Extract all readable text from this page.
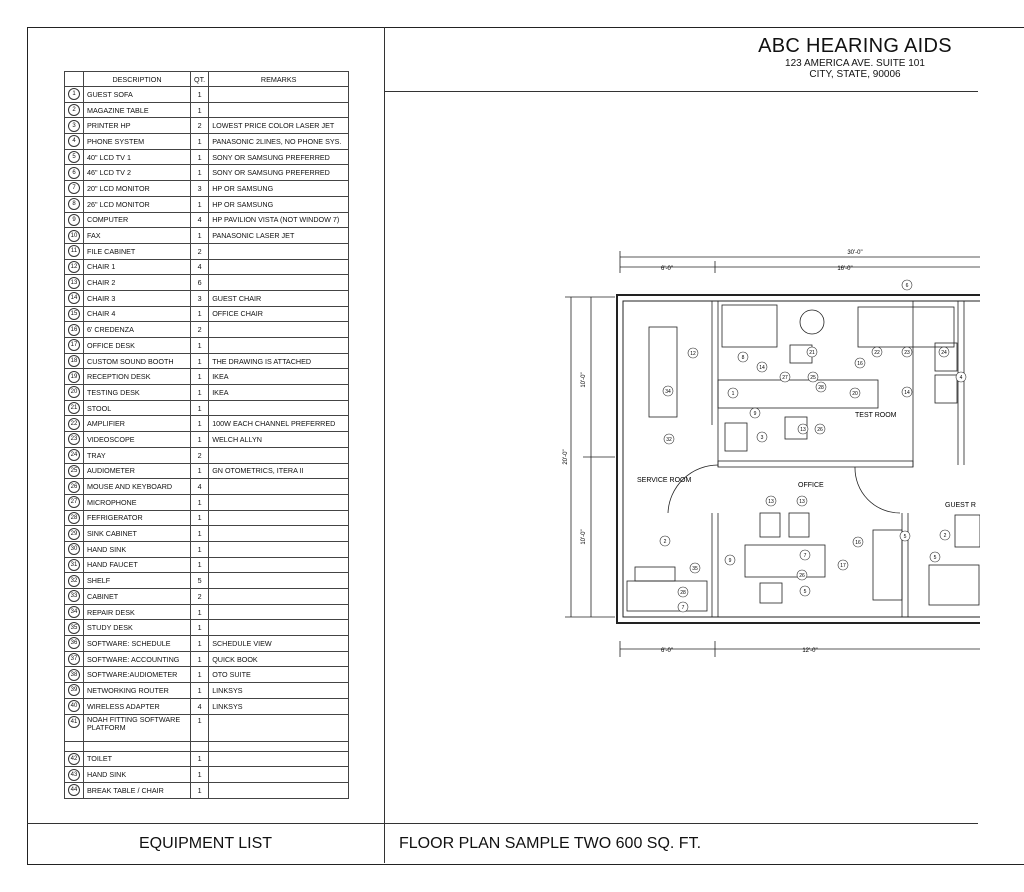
ABC HEARING AIDS
123 AMERICA AVE. SUITE 101
CITY, STATE, 90006
	DESCRIPTION	QT.	REMARKS
1	GUEST SOFA	1	
2	MAGAZINE TABLE	1	
3	PRINTER HP	2	LOWEST PRICE COLOR LASER JET
4	PHONE SYSTEM	1	PANASONIC 2LINES, NO PHONE SYS.
5	40" LCD TV 1	1	SONY OR SAMSUNG PREFERRED
6	46" LCD TV 2	1	SONY OR SAMSUNG PREFERRED
7	20" LCD MONITOR	3	HP OR SAMSUNG
8	26" LCD MONITOR	1	HP OR SAMSUNG
9	COMPUTER	4	HP PAVILION VISTA (NOT WINDOW 7)
10	FAX	1	PANASONIC LASER JET
11	FILE CABINET	2	
12	CHAIR 1	4	
13	CHAIR 2	6	
14	CHAIR 3	3	GUEST CHAIR
15	CHAIR 4	1	OFFICE CHAIR
16	6' CREDENZA	2	
17	OFFICE DESK	1	
18	CUSTOM SOUND BOOTH	1	THE DRAWING IS ATTACHED
19	RECEPTION DESK	1	IKEA
20	TESTING DESK	1	IKEA
21	STOOL	1	
22	AMPLIFIER	1	100W EACH CHANNEL PREFERRED
23	VIDEOSCOPE	1	WELCH ALLYN
24	TRAY	2	
25	AUDIOMETER	1	GN OTOMETRICS, ITERA II
26	MOUSE AND KEYBOARD	4	
27	MICROPHONE	1	
28	FEFRIGERATOR	1	
29	SINK CABINET	1	
30	HAND SINK	1	
31	HAND FAUCET	1	
32	SHELF	5	
33	CABINET	2	
34	REPAIR DESK	1	
35	STUDY DESK	1	
36	SOFTWARE: SCHEDULE	1	SCHEDULE VIEW
37	SOFTWARE: ACCOUNTING	1	QUICK BOOK
38	SOFTWARE:AUDIOMETER	1	OTO SUITE
39	NETWORKING ROUTER	1	LINKSYS
40	WIRELESS ADAPTER	4	LINKSYS
41	NOAH FITTING SOFTWARE PLATFORM	1	

42	TOILET	1	
43	HAND SINK	1	
44	BREAK TABLE / CHAIR	1	
30'-0"
6'-0"	16'-0"
10'-0"
20'-0"
10'-0"
6'-0"	12'-0"
TEST ROOM
SERVICE ROOM
OFFICE
GUEST R
6
12
8
14
21
16
22	23	24
14
4
27
28
25
1	20
34
9
26
13
32	3
2
35
28	5
7
13	13
9
7
26
17
5
16
5	2
EQUIPMENT LIST	FLOOR PLAN SAMPLE TWO 600 SQ. FT.
